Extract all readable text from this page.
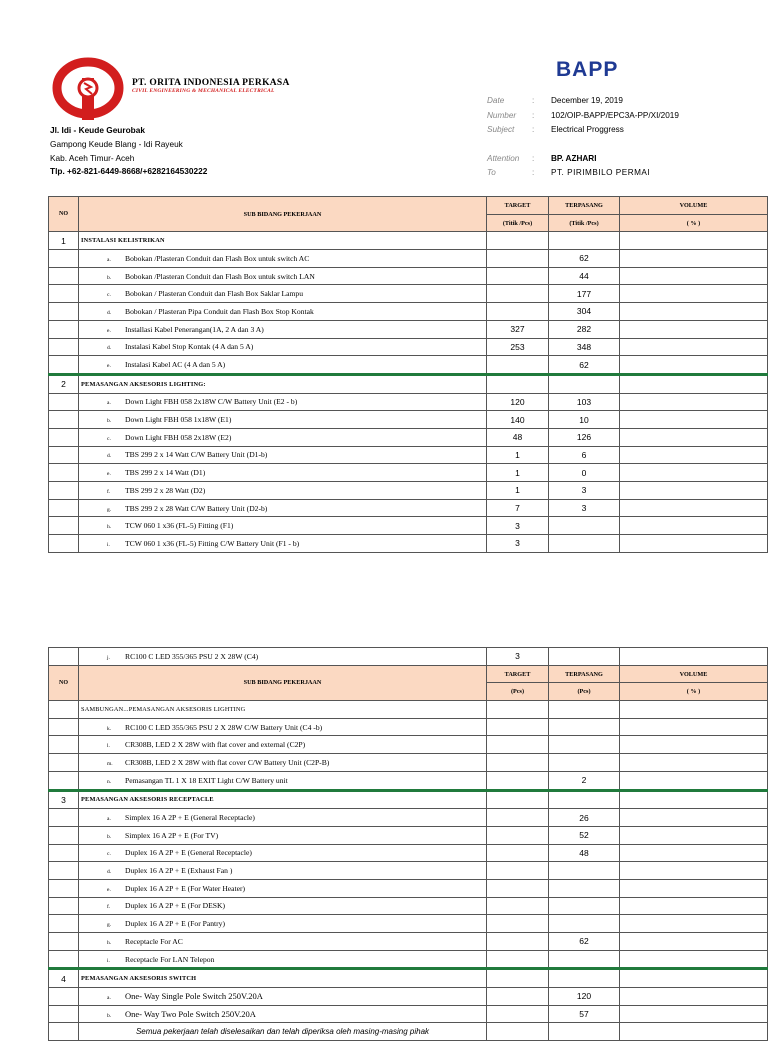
PT. ORITA INDONESIA PERKASA
CIVIL ENGINEERING & MECHANICAL ELECTRICAL
Jl. Idi - Keude Geurobak
Gampong Keude Blang - Idi Rayeuk
Kab. Aceh Timur- Aceh
Tlp. +62-821-6449-8668/+6282164530222
BAPP
Date	: December 19, 2019
Number : 102/OIP-BAPP/EPC3A-PP/XI/2019
Subject : Electrical Proggress
Attention : BP. AZHARI
To	: PT. PIRIMBILO PERMAI
NO	SUB BIDANG PEKERJAAN	TARGET	TERPASANG	VOLUME
		(Titik /Pcs)	(Titik /Pcs)	( % )
1	INSTALASI KELISTRIKAN			
	a. Bobokan /Plasteran Conduit dan Flash Box untuk switch AC		62	
	b. Bobokan /Plasteran Conduit dan Flash Box untuk switch LAN		44	
	c. Bobokan / Plasteran Conduit dan Flash Box Saklar Lampu		177	
	d. Bobokan / Plasteran Pipa Conduit dan Flash Box Stop Kontak		304	
	e. Installasi Kabel Penerangan(1A, 2 A dan 3 A)	327	282	
	d. Instalasi Kabel Stop Kontak (4 A dan 5 A)	253	348	
	e. Instalasi Kabel AC (4 A dan 5 A)		62	
2	PEMASANGAN AKSESORIS LIGHTING:			
	a. Down Light FBH 058 2x18W C/W Battery Unit (E2 - b)	120	103	
	b. Down Light FBH 058 1x18W (E1)	140	10	
	c. Down Light FBH 058 2x18W (E2)	48	126	
	d. TBS 299 2 x 14 Watt C/W Battery Unit (D1-b)	1	6	
	e. TBS 299 2 x 14 Watt (D1)	1	0	
	f. TBS 299 2 x 28 Watt (D2)	1	3	
	g. TBS 299 2 x 28 Watt C/W Battery Unit (D2-b)	7	3	
	h. TCW 060 1 x36 (FL-5) Fitting (F1)	3		
	i. TCW 060 1 x36 (FL-5) Fitting C/W Battery Unit (F1 - b)	3		
	j. RC100 C LED 355/365 PSU 2 X 28W (C4)	3		
NO	SUB BIDANG PEKERJAAN	TARGET	TERPASANG	VOLUME
		(Pcs)	(Pcs)	( % )
	SAMBUNGAN...PEMASANGAN AKSESORIS LIGHTING			
	k. RC100 C LED 355/365 PSU 2 X 28W C/W Battery Unit (C4 -b)			
	l. CR308B, LED 2 X 28W with flat cover and external (C2P)			
	m. CR308B, LED 2 X 28W with flat cover C/W Battery Unit (C2P-B)			
	n. Pemasangan TL 1 X 18 EXIT Light C/W Battery unit		2	
3	PEMASANGAN AKSESORIS RECEPTACLE			
	a. Simplex 16 A 2P + E (General Receptacle)		26	
	b. Simplex 16 A 2P + E (For TV)		52	
	c. Duplex 16 A 2P + E (General Receptacle)		48	
	d. Duplex 16 A 2P + E (Exhaust Fan )			
	e. Duplex 16 A 2P + E (For Water Heater)			
	f. Duplex 16 A 2P + E (For DESK)			
	g. Duplex 16 A 2P + E (For Pantry)			
	h. Receptacle For AC		62	
	i. Receptacle For LAN Telepon			
4	PEMASANGAN AKSESORIS SWITCH			
	a. One- Way Single Pole Switch 250V.20A		120	
	b. One- Way Two Pole Switch 250V.20A		57	
	Semua pekerjaan telah diselesaikan dan telah diperiksa oleh masing-masing pihak			
